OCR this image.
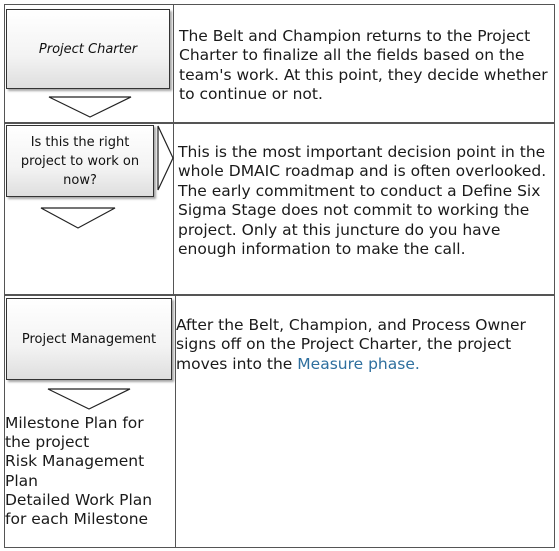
Project Charter
The Belt and Champion returns to the Project Charter to finalize all the fields based on the team's work. At this point, they decide whether to continue or not.
Is this the right project to work on now?
This is the most important decision point in the whole DMAIC roadmap and is often overlooked. The early commitment to conduct a Define Six Sigma Stage does not commit to working the project. Only at this juncture do you have enough information to make the call.
Project Management
After the Belt, Champion, and Process Owner signs off on the Project Charter, the project moves into the Measure phase.
Milestone Plan for the project
Risk Management Plan
Detailed Work Plan for each Milestone
